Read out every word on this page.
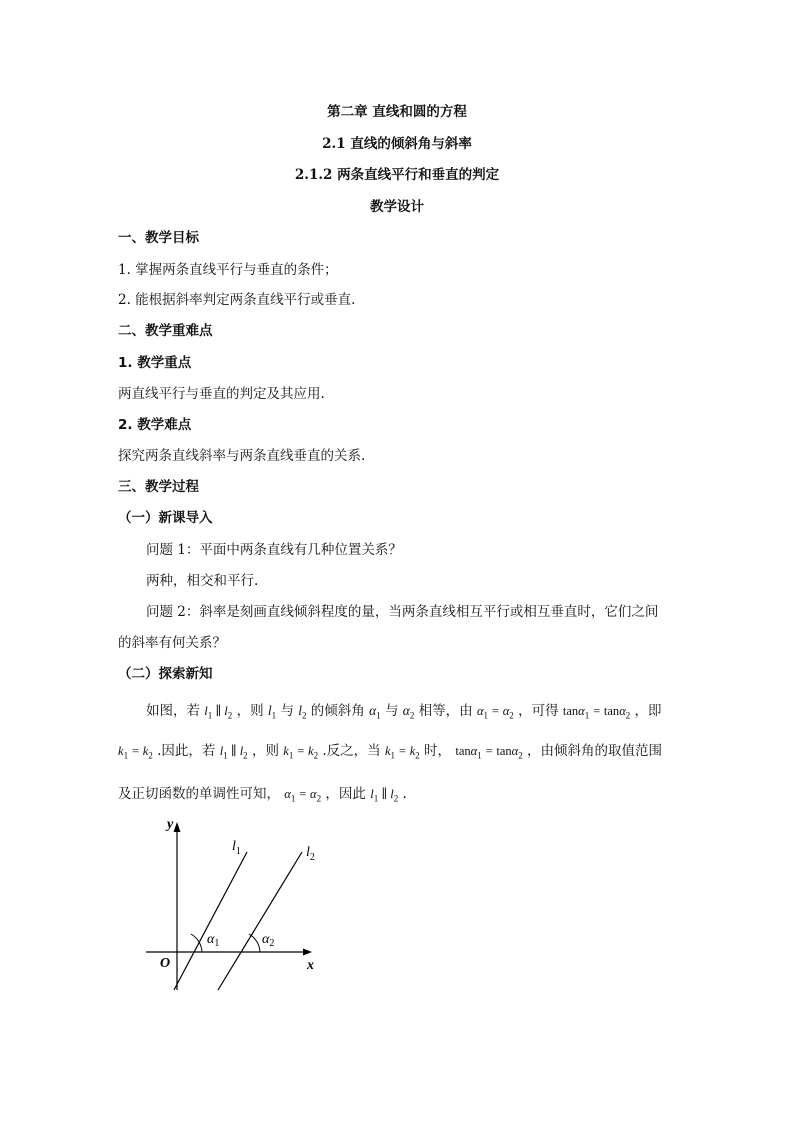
第二章 直线和圆的方程
2.1 直线的倾斜角与斜率
2.1.2 两条直线平行和垂直的判定
教学设计
一、教学目标
1. 掌握两条直线平行与垂直的条件；
2. 能根据斜率判定两条直线平行或垂直.
二、教学重难点
1. 教学重点
两直线平行与垂直的判定及其应用.
2. 教学难点
探究两条直线斜率与两条直线垂直的关系.
三、教学过程
（一）新课导入
问题 1：平面中两条直线有几种位置关系？
两种，相交和平行.
问题 2：斜率是刻画直线倾斜程度的量，当两条直线相互平行或相互垂直时，它们之间
的斜率有何关系？
（二）探索新知
如图，若 $l_1$ ∥ $l_2$ ，则 $l_1$ 与 $l_2$ 的倾斜角 $\alpha_1$ 与 $\alpha_2$ 相等，由 $\alpha_1 = \alpha_2$ ，可得 tanα$_1$ = tanα$_2$ ，即
$k_1 = k_2$ .因此，若 $l_1$ ∥ $l_2$ ，则 $k_1 = k_2$ .反之，当 $k_1 = k_2$ 时， tanα$_1$ = tanα$_2$ ，由倾斜角的取值范围
及正切函数的单调性可知， $\alpha_1 = \alpha_2$ ，因此 $l_1$ ∥ $l_2$ .
y
x
O
$l_1$	$l_2$
$\alpha_1$	$\alpha_2$
